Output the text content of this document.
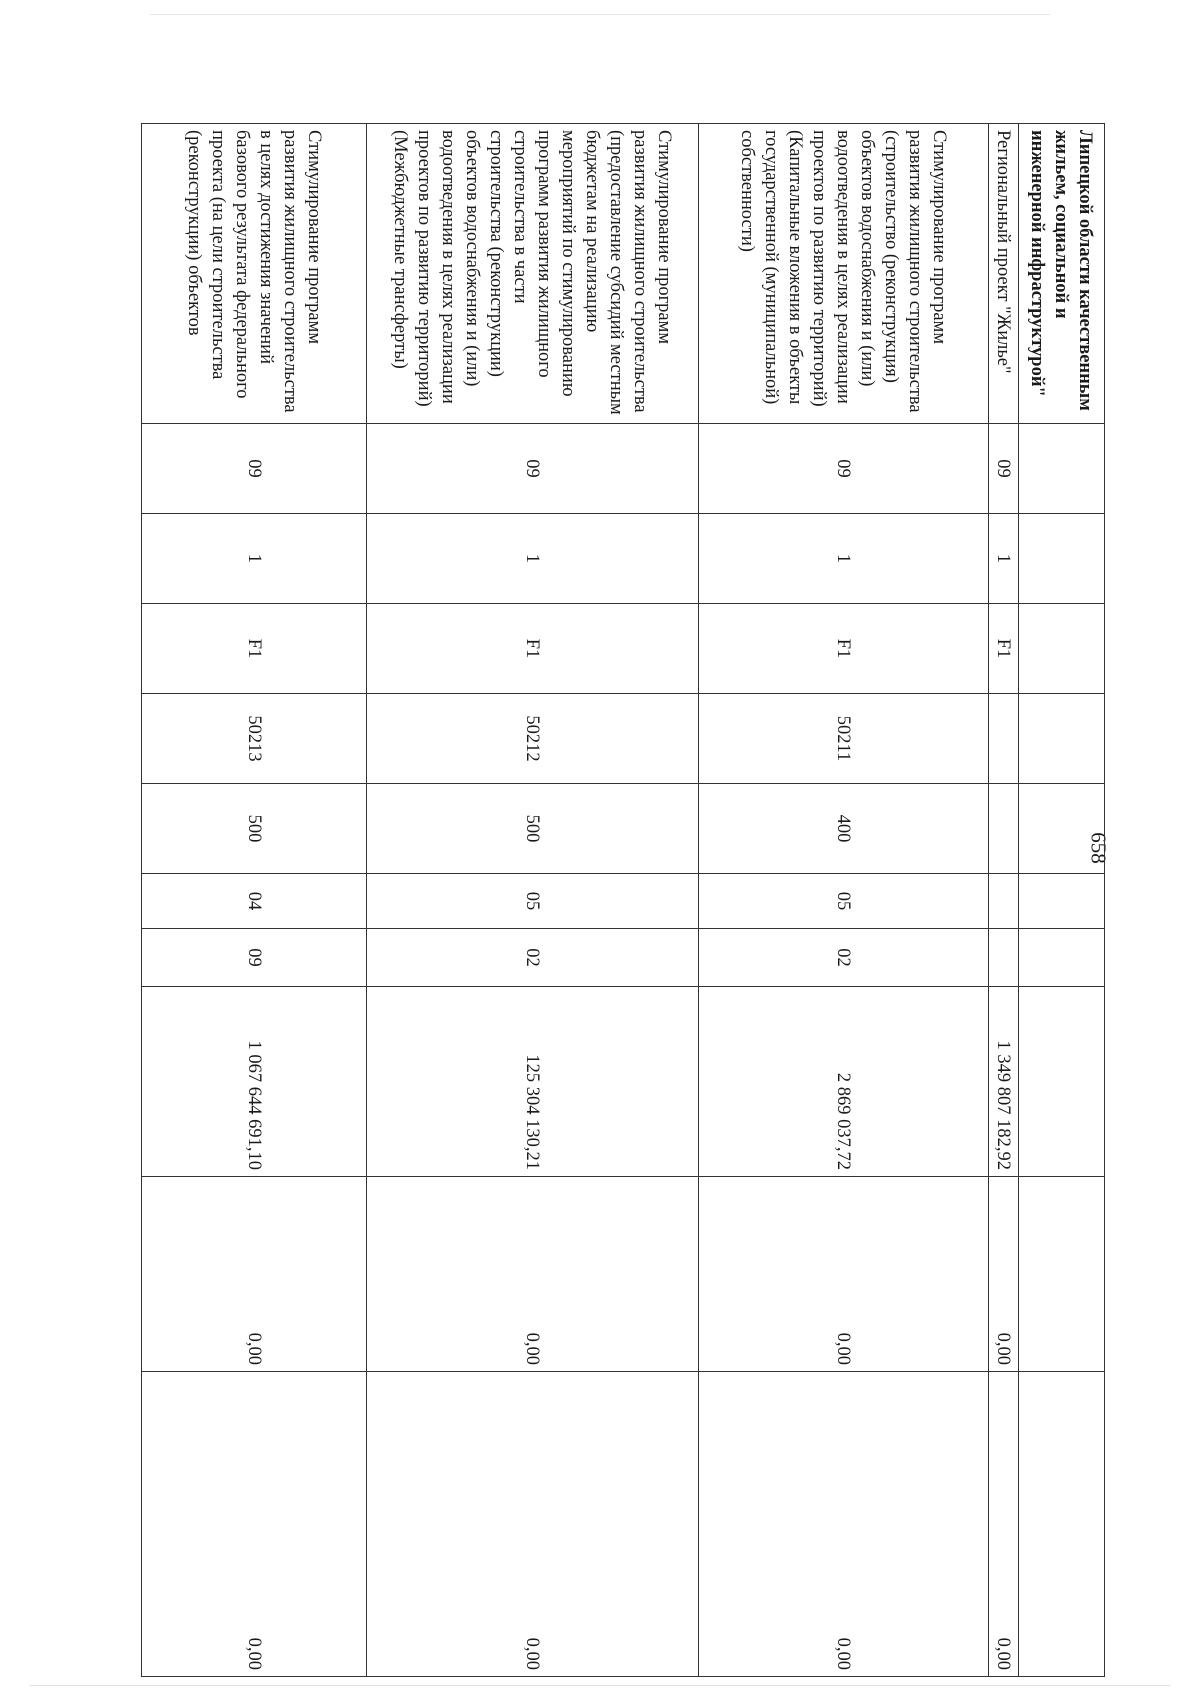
658
Липецкой области качественным жильем, социальной и инженерной инфраструктурой"										
Региональный проект "Жилье"	09	1	F1					1 349 807 182,92	0,00	0,00
Стимулирование программ развития жилищного строительства (строительство (реконструкция) объектов водоснабжения и (или) водоотведения в целях реализации проектов по развитию территорий) (Капитальные вложения в объекты государственной (муниципальной) собственности)	09	1	F1	50211	400	05	02	2 869 037,72	0,00	0,00
Стимулирование программ развития жилищного строительства (предоставление субсидий местным бюджетам на реализацию мероприятий по стимулированию программ развития жилищного строительства в части строительства (реконструкции) объектов водоснабжения и (или) водоотведения в целях реализации проектов по развитию территорий) (Межбюджетные трансферты)	09	1	F1	50212	500	05	02	125 304 130,21	0,00	0,00
Стимулирование программ развития жилищного строительства в целях достижения значений базового результата федерального проекта (на цели строительства (реконструкции) объектов	09	1	F1	50213	500	04	09	1 067 644 691,10	0,00	0,00
